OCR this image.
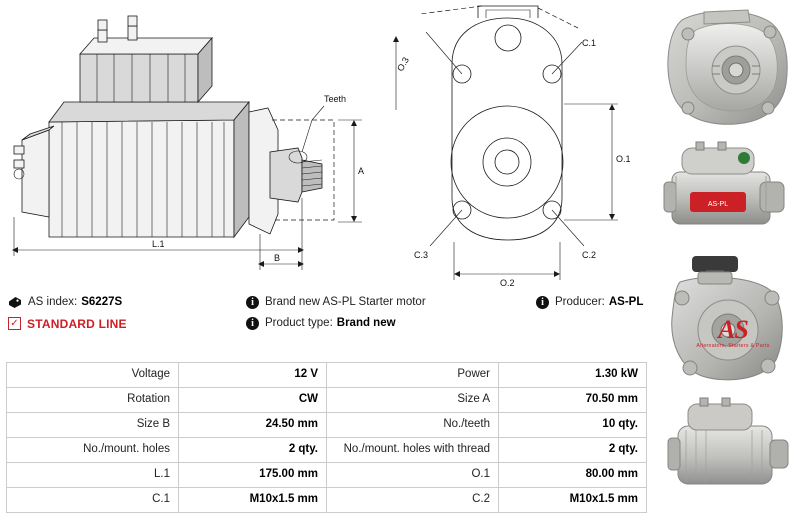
Teeth
A
L.1
B
O.3
C.1
O.1
C.3	C.2
O.2
AS-PL
AS index: S6227S	i Brand new AS-PL Starter motor	i Producer: AS-PL
✓ STANDARD LINE	i Product type: Brand new	AS
Alternators, Starters & Parts
Voltage	12 V	Power	1.30 kW
Rotation	CW	Size A	70.50 mm
Size B	24.50 mm	No./teeth	10 qty.
No./mount. holes	2 qty.	No./mount. holes with thread	2 qty.
L.1	175.00 mm	O.1	80.00 mm
C.1	M10x1.5 mm	C.2	M10x1.5 mm
